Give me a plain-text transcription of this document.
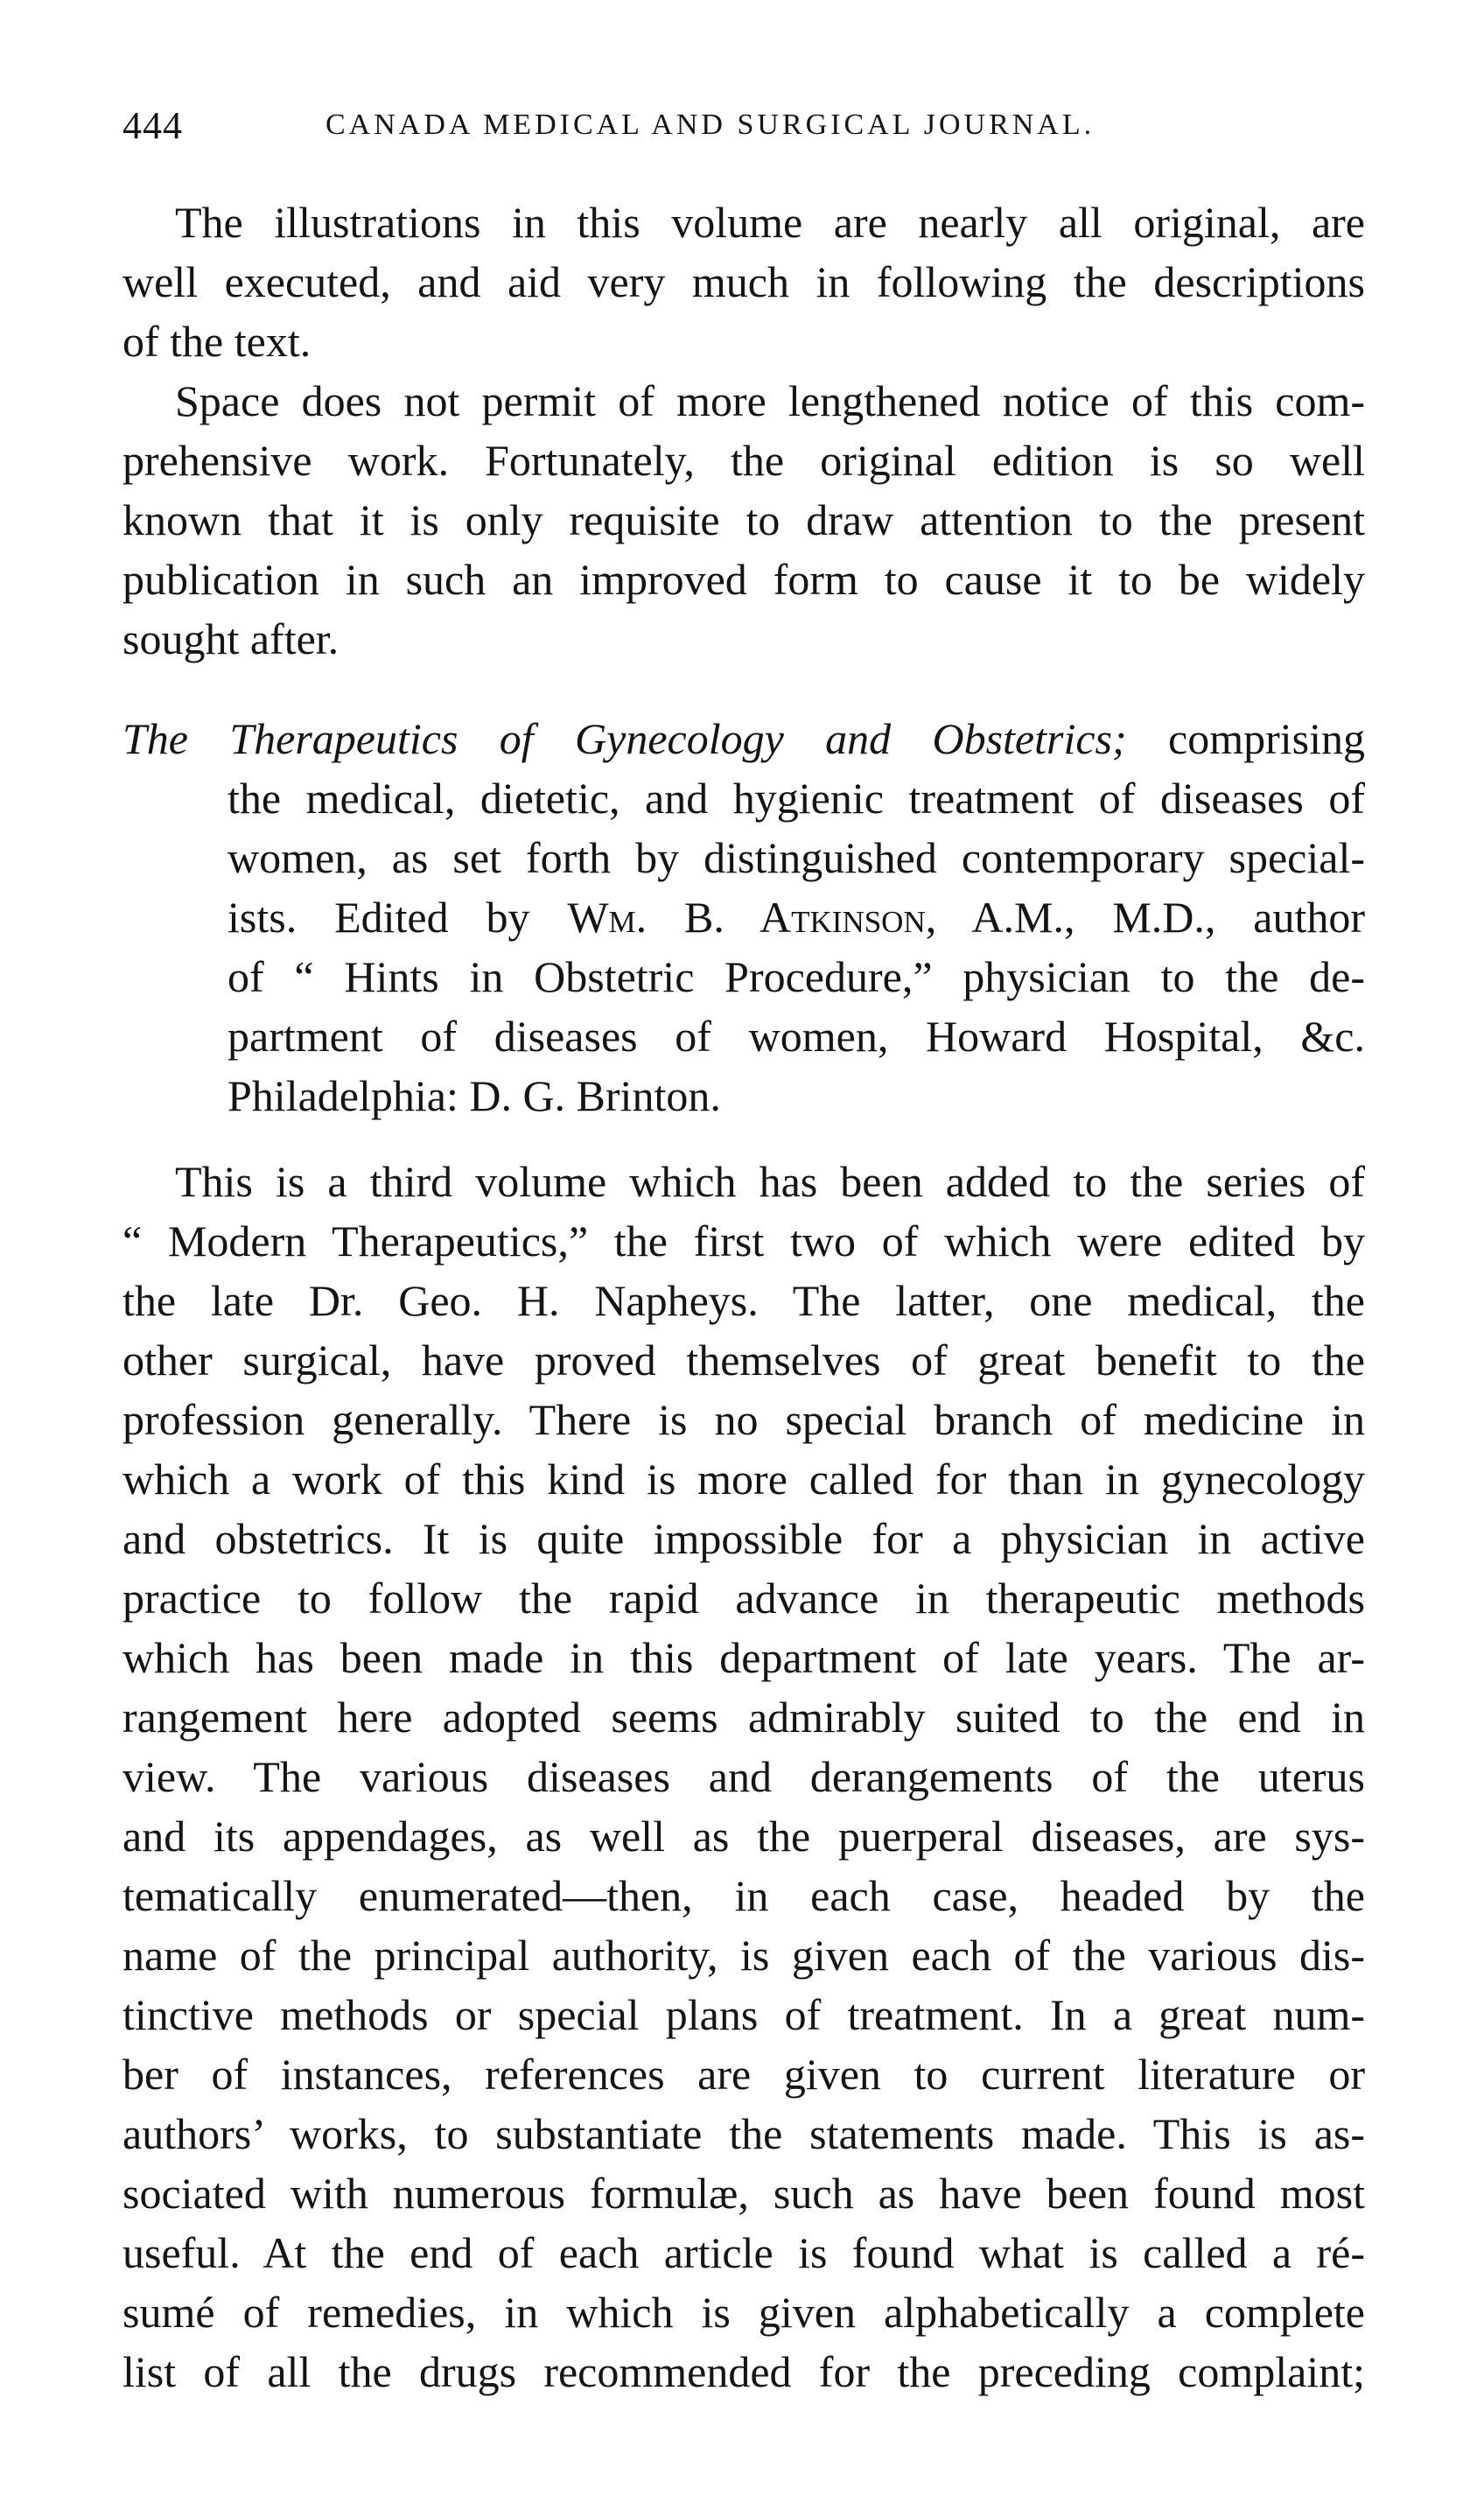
444	CANADA MEDICAL AND SURGICAL JOURNAL.
The illustrations in this volume are nearly all original, are
well executed, and aid very much in following the descriptions
of the text.
Space does not permit of more lengthened notice of this com-
prehensive work. Fortunately, the original edition is so well
known that it is only requisite to draw attention to the present
publication in such an improved form to cause it to be widely
sought after.
The Therapeutics of Gynecology and Obstetrics; comprising
the medical, dietetic, and hygienic treatment of diseases of
women, as set forth by distinguished contemporary special-
ists. Edited by Wm. B. Atkinson, A.M., M.D., author
of “ Hints in Obstetric Procedure,” physician to the de-
partment of diseases of women, Howard Hospital, &c.
Philadelphia: D. G. Brinton.
This is a third volume which has been added to the series of
“ Modern Therapeutics,” the first two of which were edited by
the late Dr. Geo. H. Napheys. The latter, one medical, the
other surgical, have proved themselves of great benefit to the
profession generally. There is no special branch of medicine in
which a work of this kind is more called for than in gynecology
and obstetrics. It is quite impossible for a physician in active
practice to follow the rapid advance in therapeutic methods
which has been made in this department of late years. The ar-
rangement here adopted seems admirably suited to the end in
view. The various diseases and derangements of the uterus
and its appendages, as well as the puerperal diseases, are sys-
tematically enumerated—then, in each case, headed by the
name of the principal authority, is given each of the various dis-
tinctive methods or special plans of treatment. In a great num-
ber of instances, references are given to current literature or
authors’ works, to substantiate the statements made. This is as-
sociated with numerous formulæ, such as have been found most
useful. At the end of each article is found what is called a ré-
sumé of remedies, in which is given alphabetically a complete
list of all the drugs recommended for the preceding complaint;
